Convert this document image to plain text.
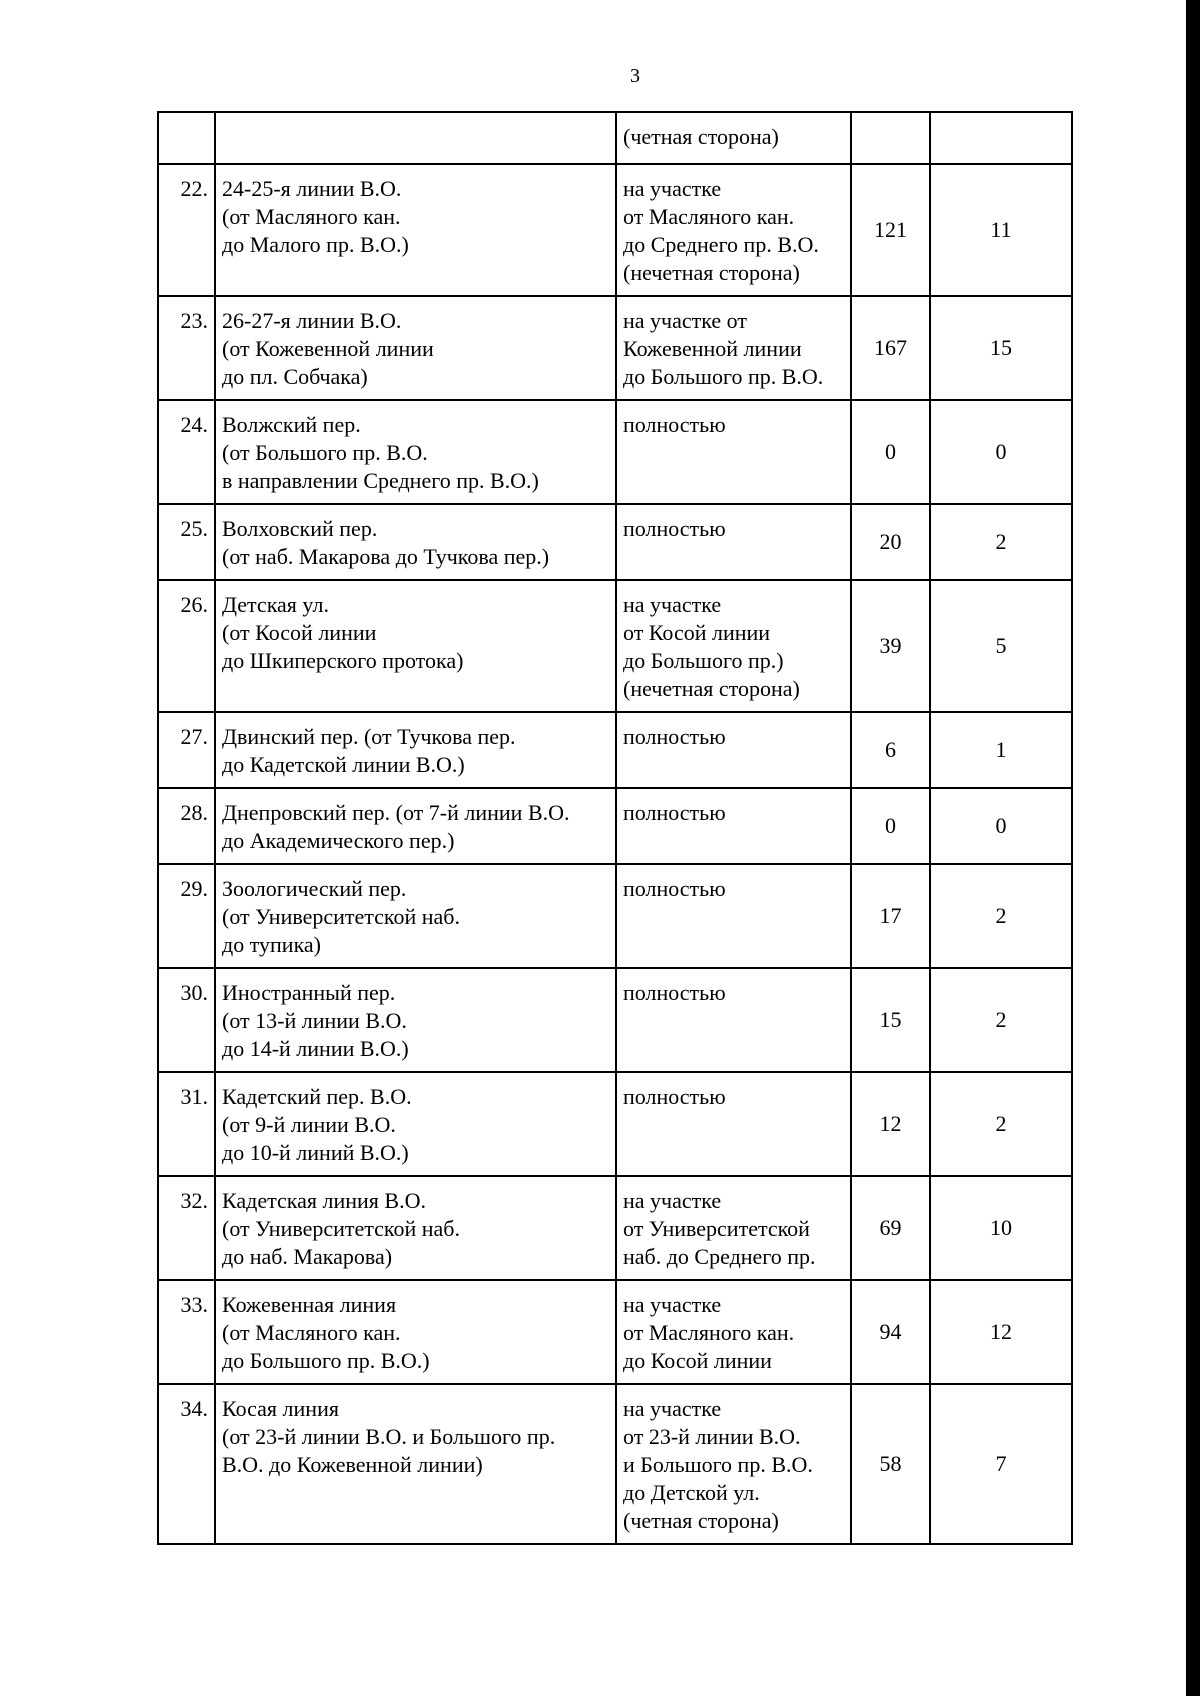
3
		(четная сторона)		
22.	24-25-я линии В.О.
(от Масляного кан.
до Малого пр. В.О.)	на участке
от Масляного кан.
до Среднего пр. В.О.
(нечетная сторона)	121	11
23.	26-27-я линии В.О.
(от Кожевенной линии
до пл. Собчака)	на участке от
Кожевенной линии
до Большого пр. В.О.	167	15
24.	Волжский пер.
(от Большого пр. В.О.
в направлении Среднего пр. В.О.)	полностью	0	0
25.	Волховский пер.
(от наб. Макарова до Тучкова пер.)	полностью	20	2
26.	Детская ул.
(от Косой линии
до Шкиперского протока)	на участке
от Косой линии
до Большого пр.)
(нечетная сторона)	39	5
27.	Двинский пер. (от Тучкова пер.
до Кадетской линии В.О.)	полностью	6	1
28.	Днепровский пер. (от 7-й линии В.О.
до Академического пер.)	полностью	0	0
29.	Зоологический пер.
(от Университетской наб.
до тупика)	полностью	17	2
30.	Иностранный пер.
(от 13-й линии В.О.
до 14-й линии В.О.)	полностью	15	2
31.	Кадетский пер. В.О.
(от 9-й линии В.О.
до 10-й линий В.О.)	полностью	12	2
32.	Кадетская линия В.О.
(от Университетской наб.
до наб. Макарова)	на участке
от Университетской
наб. до Среднего пр.	69	10
33.	Кожевенная линия
(от Масляного кан.
до Большого пр. В.О.)	на участке
от Масляного кан.
до Косой линии	94	12
34.	Косая линия
(от 23-й линии В.О. и Большого пр.
В.О. до Кожевенной линии)	на участке
от 23-й линии В.О.
и Большого пр. В.О.
до Детской ул.
(четная сторона)	58	7
